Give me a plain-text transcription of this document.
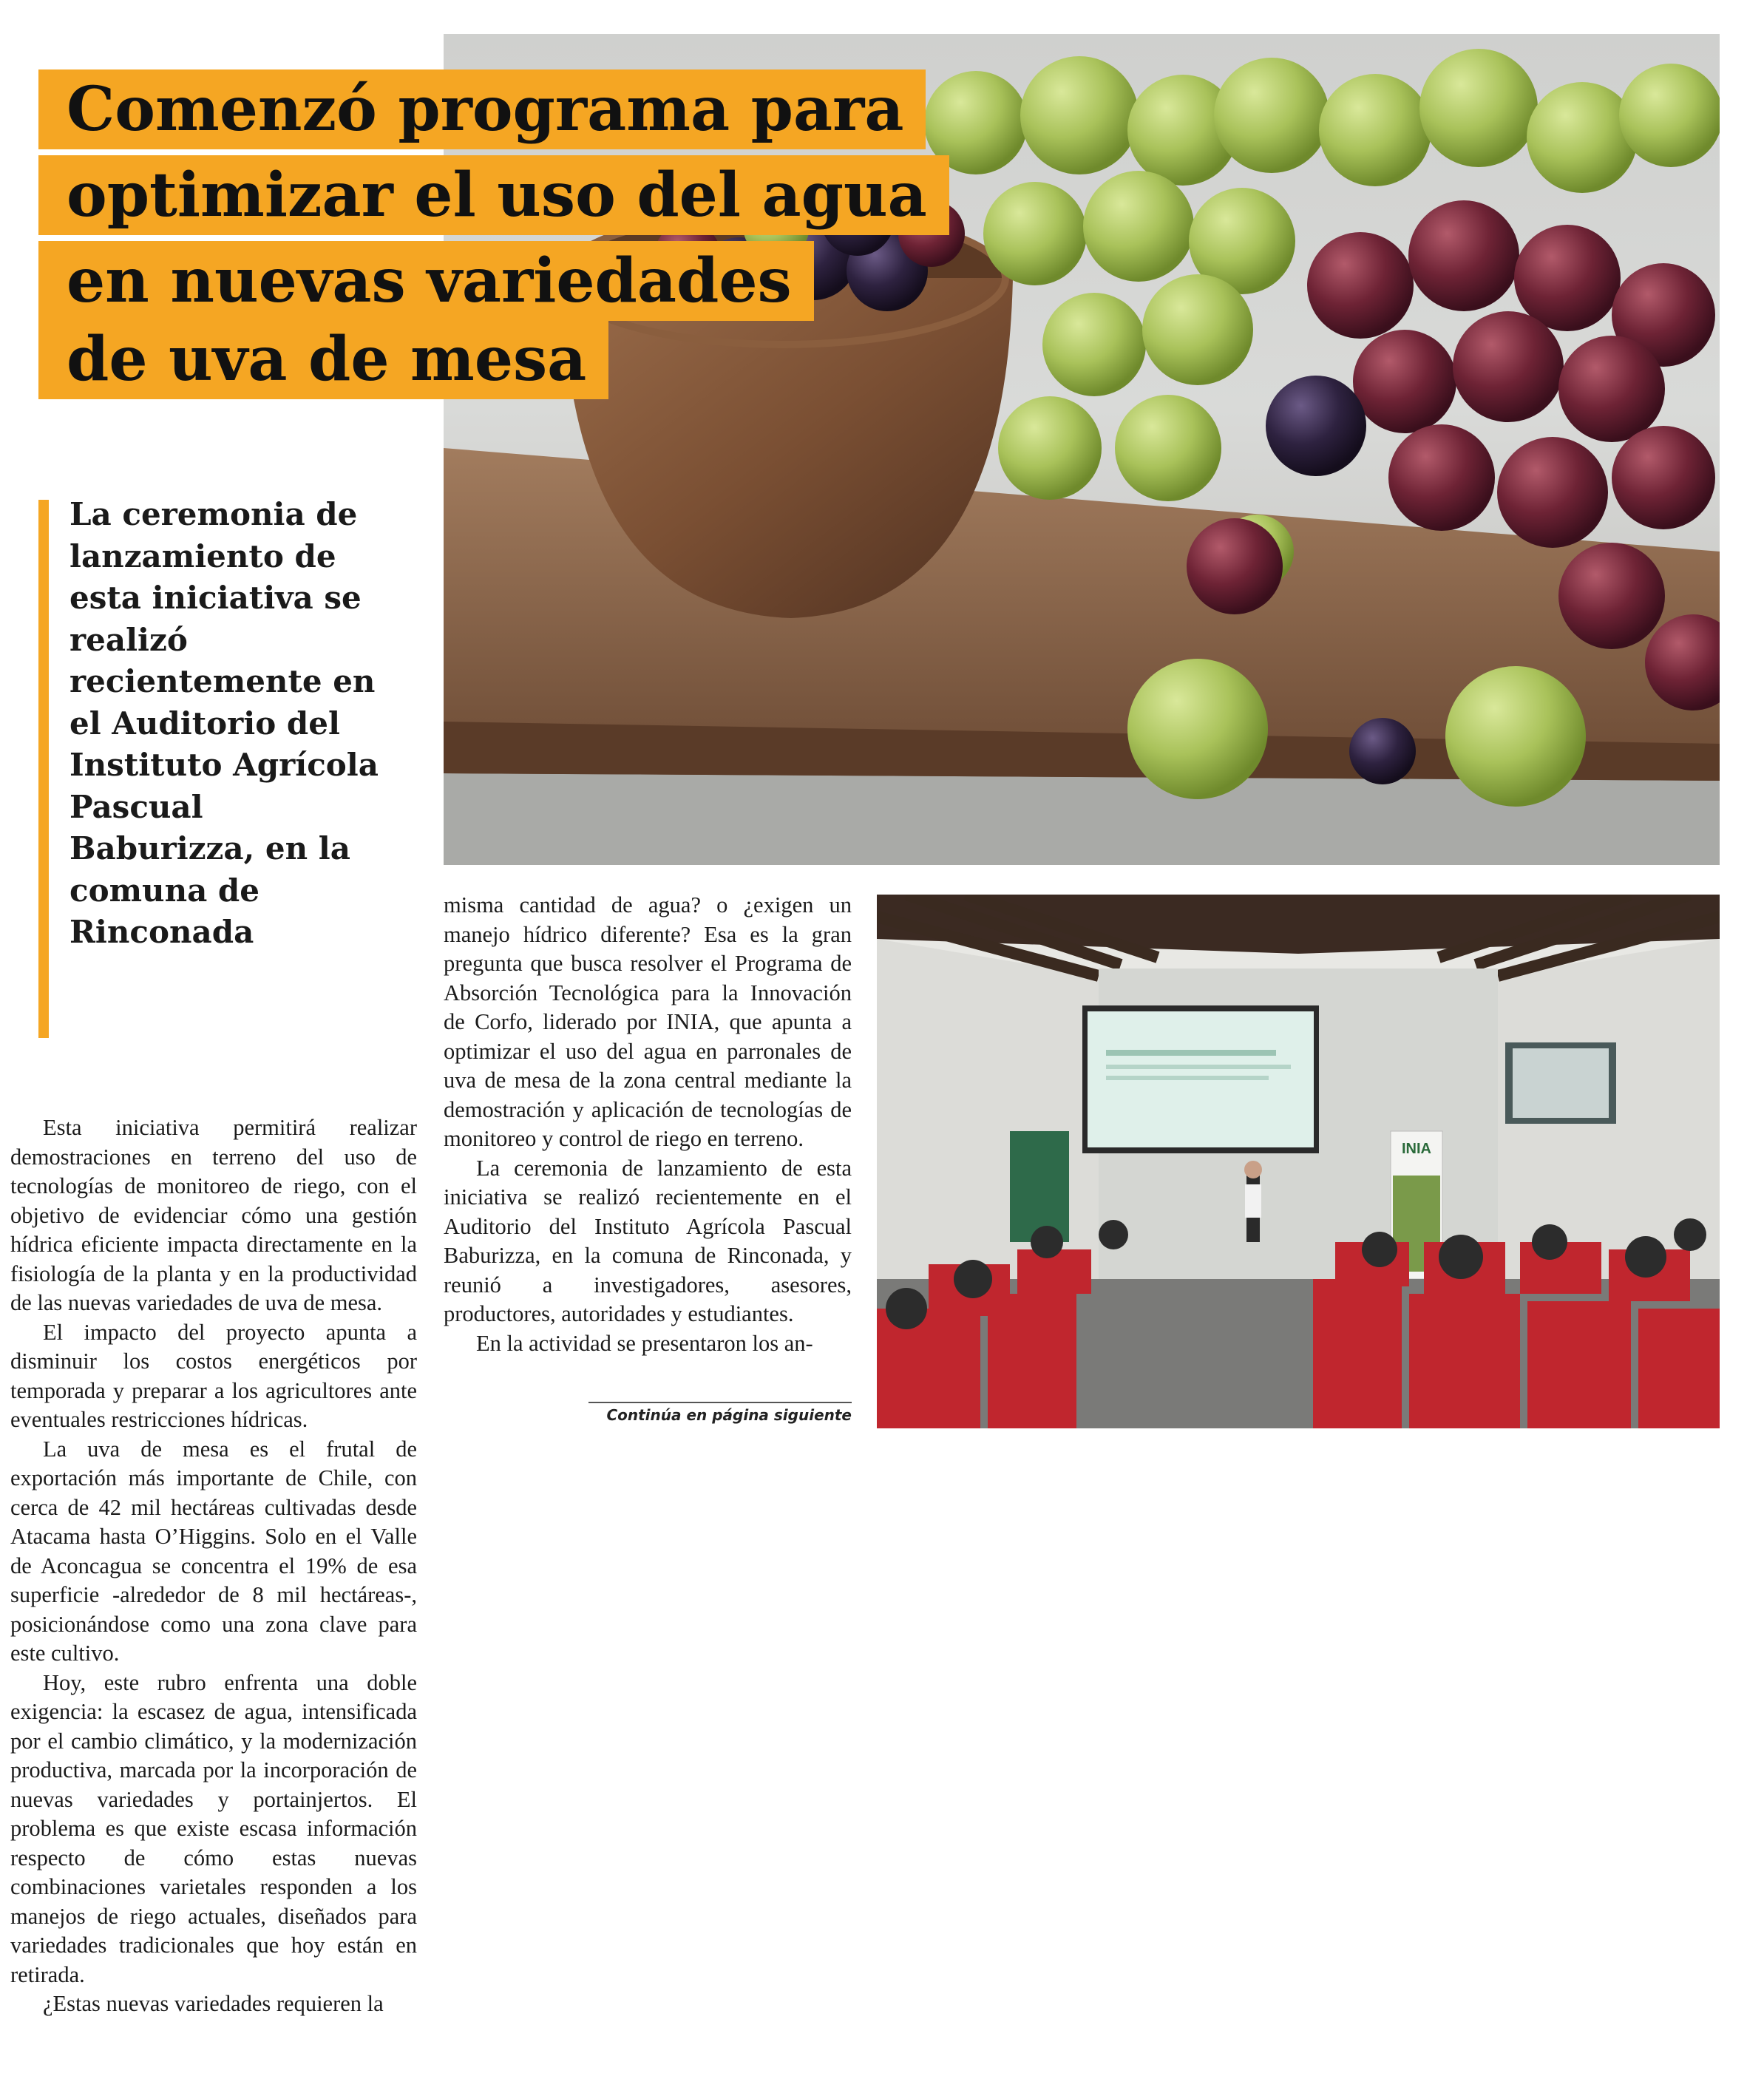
Comenzó programa para
optimizar el uso del agua
en nuevas variedades
de uva de mesa
La ceremonia de lanzamiento de esta iniciativa se realizó recientemente en el Auditorio del Instituto Agrícola Pascual Baburizza, en la comuna de Rinconada

Esta iniciativa permitirá realizar demostraciones en terreno del uso de tecnologías de monitoreo de riego, con el objetivo de evidenciar cómo una gestión hídrica eficiente impacta directamente en la fisiología de la planta y en la productividad de las nuevas variedades de uva de mesa.

El impacto del proyecto apunta a disminuir los costos energéticos por temporada y preparar a los agricultores ante eventuales restricciones hídricas.

La uva de mesa es el frutal de exportación más importante de Chile, con cerca de 42 mil hectáreas cultivadas desde Atacama hasta O’Higgins. Solo en el Valle de Aconcagua se concentra el 19% de esa superficie -alrededor de 8 mil hectáreas-, posicionándose como una zona clave para este cultivo.

Hoy, este rubro enfrenta una doble exigencia: la escasez de agua, intensificada por el cambio climático, y la modernización productiva, marcada por la incorporación de nuevas variedades y portainjertos. El problema es que existe escasa información respecto de cómo estas nuevas combinaciones varietales responden a los manejos de riego actuales, diseñados para variedades tradicionales que hoy están en retirada.

¿Estas nuevas variedades requieren la

misma cantidad de agua? o ¿exigen un manejo hídrico diferente? Esa es la gran pregunta que busca resolver el Programa de Absorción Tecnológica para la Innovación de Corfo, liderado por INIA, que apunta a optimizar el uso del agua en parronales de uva de mesa de la zona central mediante la demostración y aplicación de tecnologías de monitoreo y control de riego en terreno.

La ceremonia de lanzamiento de esta iniciativa se realizó recientemente en el Auditorio del Instituto Agrícola Pascual Baburizza, en la comuna de Rinconada, y reunió a investigadores, asesores, productores, autoridades y estudiantes.

En la actividad se presentaron los an-

Continúa en página siguiente
INIA
